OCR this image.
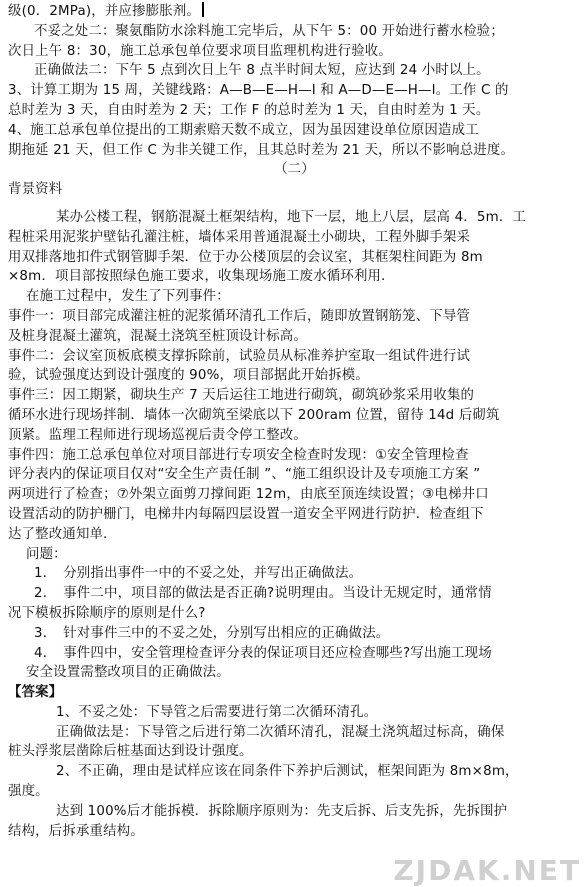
级(0．2MPa)，并应掺膨胀剂。
不妥之处二：聚氨酯防水涂料施工完毕后，从下午 5：00 开始进行蓄水检验；
次日上午 8：30，施工总承包单位要求项目监理机构进行验收。
正确做法二：下午 5 点到次日上午 8 点半时间太短，应达到 24 小时以上。
3、计算工期为 15 周，关键线路：A—B—E—H—I 和 A—D—E—H—I。工作 C 的
总时差为 3 天，自由时差为 2 天；工作 F 的总时差为 1 天，自由时差为 1 天。
4、施工总承包单位提出的工期索赔天数不成立，因为虽因建设单位原因造成工
期拖延 21 天，但工作 C 为非关键工作，且其总时差为 21 天，所以不影响总进度。
（二）
背景资料
某办公楼工程，钢筋混凝土框架结构，地下一层，地上八层，层高 4．5m．工
程桩采用泥浆护壁钻孔灌注桩，墙体采用普通混凝土小砌块，工程外脚手架采
用双排落地扣件式钢管脚手架．位于办公楼顶层的会议室，其框架柱间距为 8m
×8m．项目部按照绿色施工要求，收集现场施工废水循环利用．
在施工过程中，发生了下列事件：
事件一：项目部完成灌注桩的泥浆循环清孔工作后，随即放置钢筋笼、下导管
及桩身混凝土灌筑，混凝土浇筑至桩顶设计标高。
事件二：会议室顶板底模支撑拆除前，试验员从标准养护室取一组试件进行试
验，试验强度达到设计强度的 90%，项目部据此开始拆模。
事件三：因工期紧，砌块生产 7 天后运往工地进行砌筑，砌筑砂浆采用收集的
循环水进行现场拌制．墙体一次砌筑至梁底以下 200ram 位置，留待 14d 后砌筑
顶紧。监理工程师进行现场巡视后责令停工整改。
事件四：施工总承包单位对项目部进行专项安全检查时发现：①安全管理检查
评分表内的保证项目仅对“安全生产责任制 ”、“施工组织设计及专项施工方案 ”
两项进行了检查；⑦外架立面剪刀撑间距 12m，由底至顶连续设置；③电梯井口
设置活动的防护栅门，电梯井内每隔四层设置一道安全平网进行防护．检查组下
达了整改通知单．
问题：
1．　分别指出事件一中的不妥之处，并写出正确做法。
2．　事件二中，项目部的做法是否正确?说明理由。当设计无规定时，通常情
况下模板拆除顺序的原则是什么?
3．　针对事件三中的不妥之处，分别写出相应的正确做法。
4．　事件四中，安全管理检查评分表的保证项目还应检查哪些?写出施工现场
安全设置需整改项目的正确做法。
【答案】
1、不妥之处：下导管之后需要进行第二次循环清孔。
正确做法是：下导管之后进行第二次循环清孔，混凝土浇筑超过标高，确保
桩头浮浆层凿除后桩基面达到设计强度。
2、不正确，理由是试样应该在同条件下养护后测试，框架间距为 8m×8m，
强度。
达到 100%后才能拆模．拆除顺序原则为：先支后拆、后支先拆，先拆围护
结构，后拆承重结构。
ZJDAK.NET
